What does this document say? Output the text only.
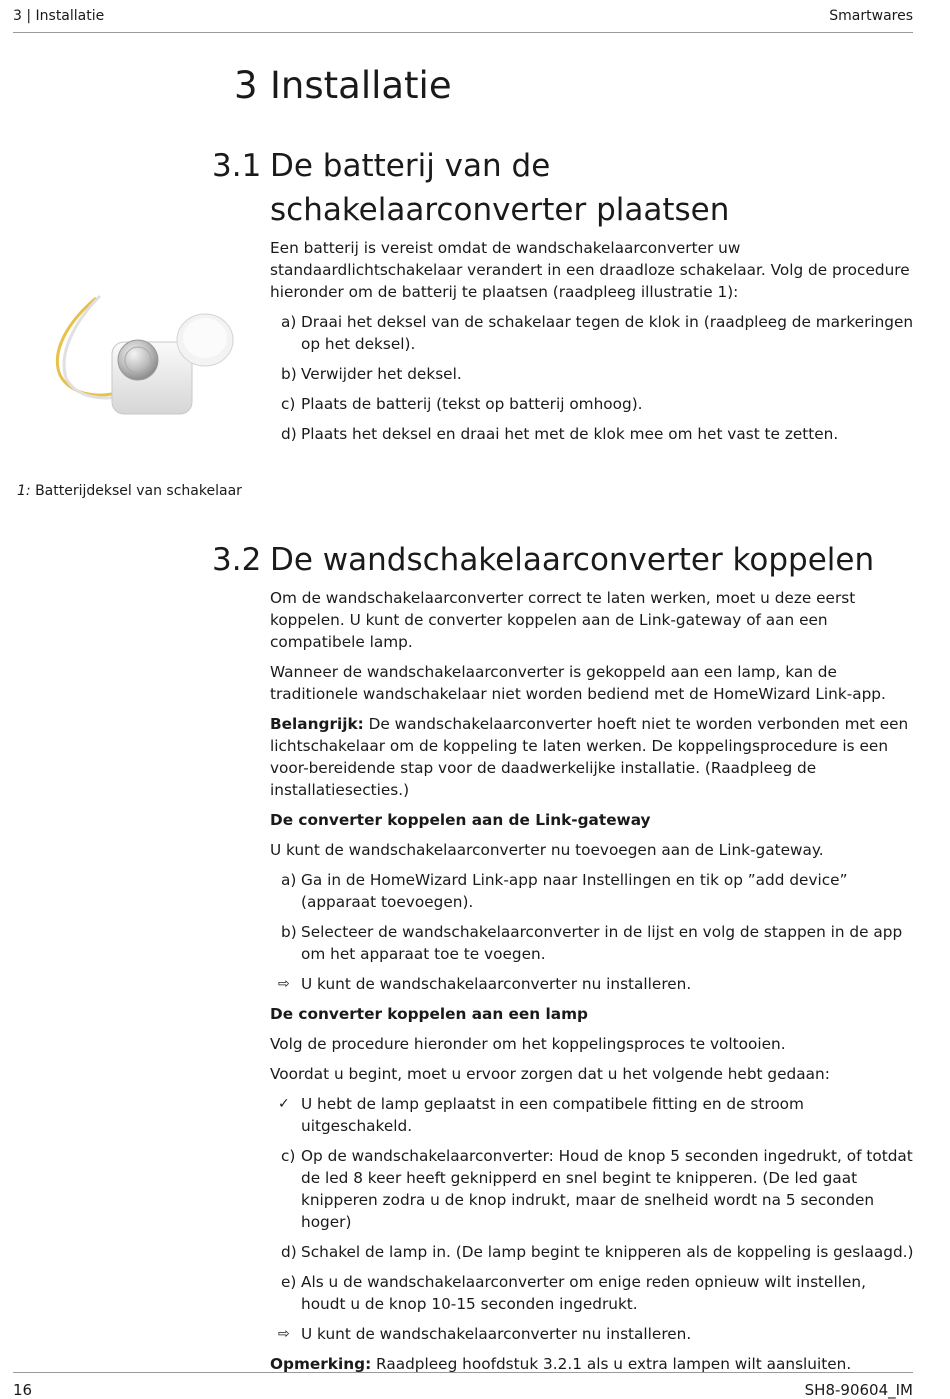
3 | Installatie	Smartwares
3 Installatie
3.1 De batterij van de schakelaarconverter plaatsen

Een batterij is vereist omdat de wandschakelaarconverter uw standaardlichtschakelaar verandert in een draadloze schakelaar. Volg de procedure hieronder om de batterij te plaatsen (raadpleeg illustratie 1):

a) Draai het deksel van de schakelaar tegen de klok in (raadpleeg de markeringen op het deksel).
b) Verwijder het deksel.
c) Plaats de batterij (tekst op batterij omhoog).
d) Plaats het deksel en draai het met de klok mee om het vast te zetten.
1: Batterijdeksel van schakelaar
3.2 De wandschakelaarconverter koppelen

Om de wandschakelaarconverter correct te laten werken, moet u deze eerst koppelen. U kunt de converter koppelen aan de Link-gateway of aan een compatibele lamp.

Wanneer de wandschakelaarconverter is gekoppeld aan een lamp, kan de traditionele wandschakelaar niet worden bediend met de HomeWizard Link-app.

Belangrijk: De wandschakelaarconverter hoeft niet te worden verbonden met een lichtschakelaar om de koppeling te laten werken. De koppelingsprocedure is een voor-bereidende stap voor de daadwerkelijke installatie. (Raadpleeg de installatiesecties.)

De converter koppelen aan de Link-gateway

U kunt de wandschakelaarconverter nu toevoegen aan de Link-gateway.

a) Ga in de HomeWizard Link-app naar Instellingen en tik op ”add device” (apparaat toevoegen).
b) Selecteer de wandschakelaarconverter in de lijst en volg de stappen in de app om het apparaat toe te voegen.
⇨ U kunt de wandschakelaarconverter nu installeren.

De converter koppelen aan een lamp

Volg de procedure hieronder om het koppelingsproces te voltooien.

Voordat u begint, moet u ervoor zorgen dat u het volgende hebt gedaan:

✓ U hebt de lamp geplaatst in een compatibele fitting en de stroom uitgeschakeld.
c) Op de wandschakelaarconverter: Houd de knop 5 seconden ingedrukt, of totdat de led 8 keer heeft geknipperd en snel begint te knipperen. (De led gaat knipperen zodra u de knop indrukt, maar de snelheid wordt na 5 seconden hoger)
d) Schakel de lamp in. (De lamp begint te knipperen als de koppeling is geslaagd.)
e) Als u de wandschakelaarconverter om enige reden opnieuw wilt instellen, houdt u de knop 10-15 seconden ingedrukt.
⇨ U kunt de wandschakelaarconverter nu installeren.

Opmerking: Raadpleeg hoofdstuk 3.2.1 als u extra lampen wilt aansluiten.

16	SH8-90604_IM
